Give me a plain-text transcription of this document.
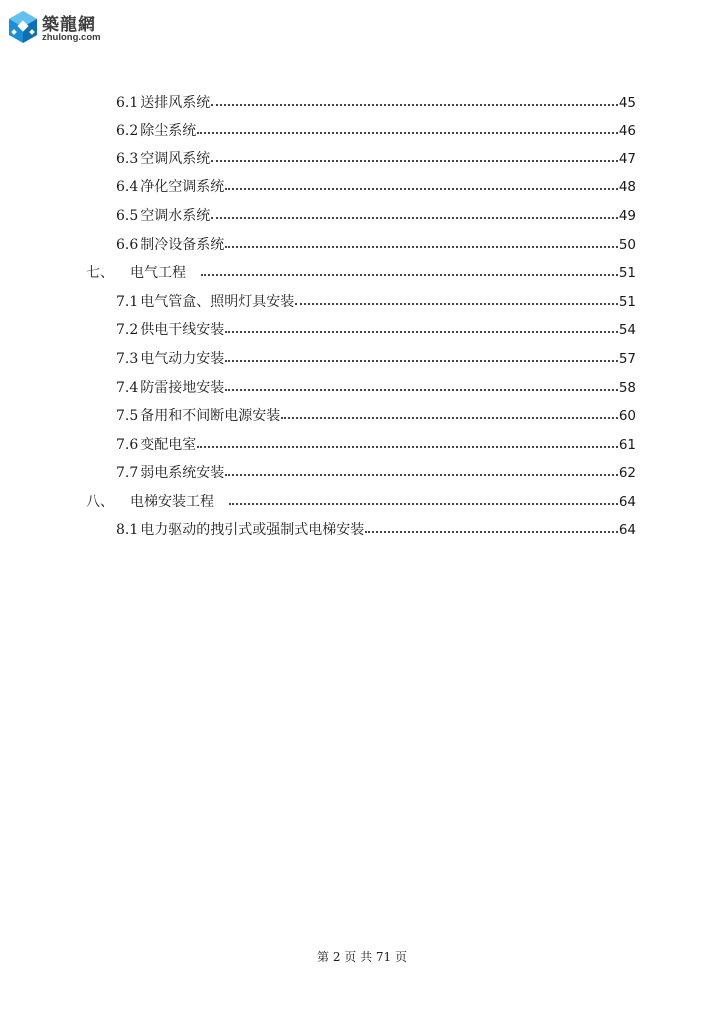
築龍網
zhulong.com
6.1 送排风系统	45
6.2 除尘系统	46
6.3 空调风系统	47
6.4 净化空调系统	48
6.5 空调水系统	49
6.6 制冷设备系统	50
七、 电气工程	51
7.1 电气管盒、照明灯具安装	51
7.2 供电干线安装	54
7.3 电气动力安装	57
7.4 防雷接地安装	58
7.5 备用和不间断电源安装	60
7.6 变配电室	61
7.7 弱电系统安装	62
八、 电梯安装工程	64
8.1 电力驱动的拽引式或强制式电梯安装	64
第 2 页 共 71 页
